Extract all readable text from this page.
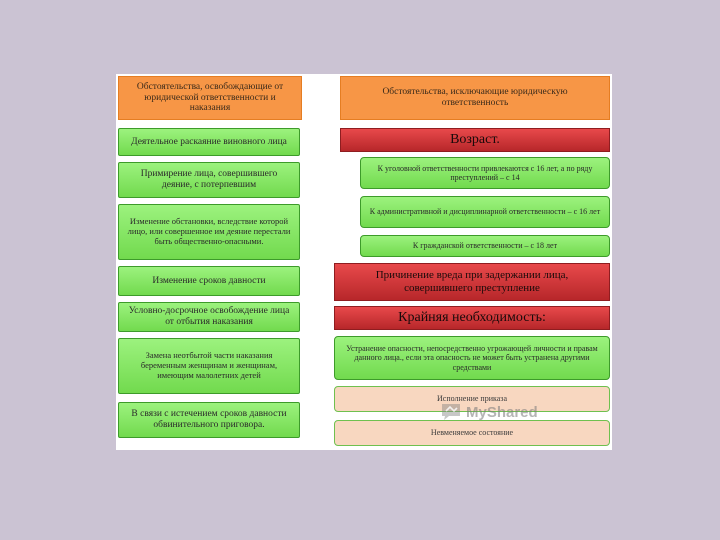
Обстоятельства, освобождающие от юридической ответственности и наказания
Деятельное раскаяние виновного лица
Примирение лица, совершившего деяние, с потерпевшим
Изменение обстановки, вследствие которой лицо, или совершенное им деяние перестали быть общественно-опасными.
Изменение сроков давности
Условно-досрочное освобождение лица от отбытия наказания
Замена неотбытой части наказания беременным женщинам и женщинам, имеющим малолетних детей
В связи с истечением сроков давности обвинительного приговора.
Обстоятельства, исключающие юридическую ответственность
Возраст.
К уголовной ответственности привлекаются с 16 лет, а по ряду преступлений – с 14
К административной и дисциплинарной ответственности – с 16 лет
К гражданской ответственности – с 18 лет
Причинение вреда при задержании лица, совершившего преступление
Крайняя необходимость:
Устранение опасности, непосредственно угрожающей личности и правам данного лица., если эта опасность не может быть устранена другими средствами
Исполнение приказа
Невменяемое состояние
MyShared
